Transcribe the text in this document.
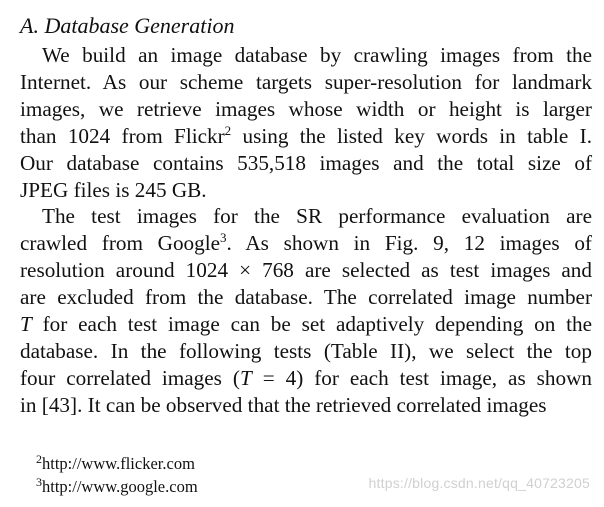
A. Database Generation

We build an image database by crawling images from the
Internet. As our scheme targets super-resolution for landmark
images, we retrieve images whose width or height is larger
than 1024 from Flickr$^2$ using the listed key words in table I.
Our database contains 535,518 images and the total size of
JPEG files is 245 GB.

The test images for the SR performance evaluation are
crawled from Google$^3$. As shown in Fig. 9, 12 images of
resolution around 1024 × 768 are selected as test images and
are excluded from the database. The correlated image number
T for each test image can be set adaptively depending on the
database. In the following tests (Table II), we select the top
four correlated images (T = 4) for each test image, as shown
in [43]. It can be observed that the retrieved correlated images

$^2$http://www.flicker.com
$^3$http://www.google.com	https://blog.csdn.net/qq_40723205
